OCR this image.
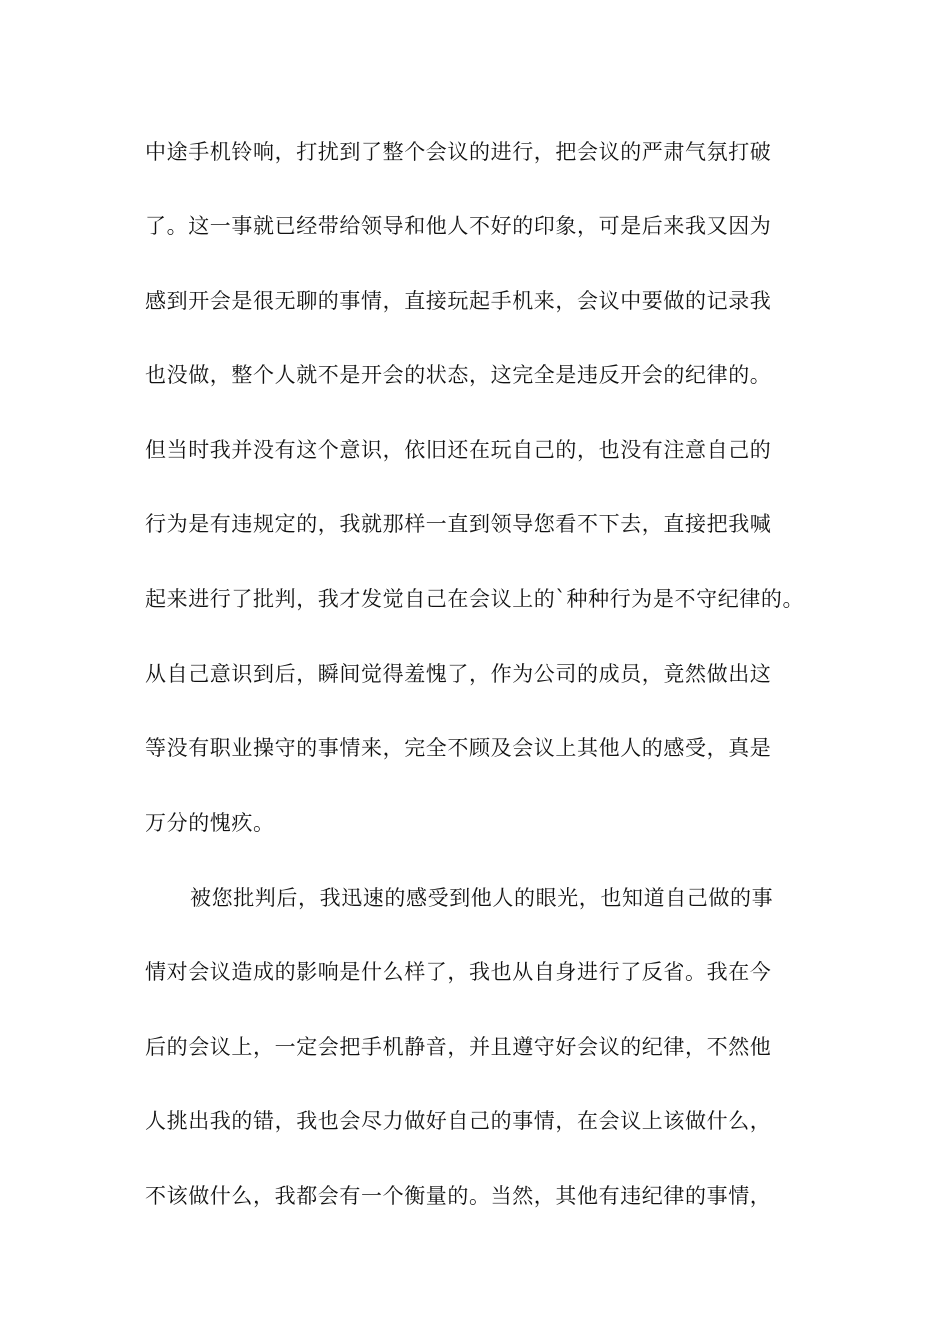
中途手机铃响，打扰到了整个会议的进行，把会议的严肃气氛打破
了。这一事就已经带给领导和他人不好的印象，可是后来我又因为
感到开会是很无聊的事情，直接玩起手机来，会议中要做的记录我
也没做，整个人就不是开会的状态，这完全是违反开会的纪律的。
但当时我并没有这个意识，依旧还在玩自己的，也没有注意自己的
行为是有违规定的，我就那样一直到领导您看不下去，直接把我喊
起来进行了批判，我才发觉自己在会议上的`种种行为是不守纪律的。
从自己意识到后，瞬间觉得羞愧了，作为公司的成员，竟然做出这
等没有职业操守的事情来，完全不顾及会议上其他人的感受，真是
万分的愧疚。
被您批判后，我迅速的感受到他人的眼光，也知道自己做的事
情对会议造成的影响是什么样了，我也从自身进行了反省。我在今
后的会议上，一定会把手机静音，并且遵守好会议的纪律，不然他
人挑出我的错，我也会尽力做好自己的事情，在会议上该做什么，
不该做什么，我都会有一个衡量的。当然，其他有违纪律的事情，
